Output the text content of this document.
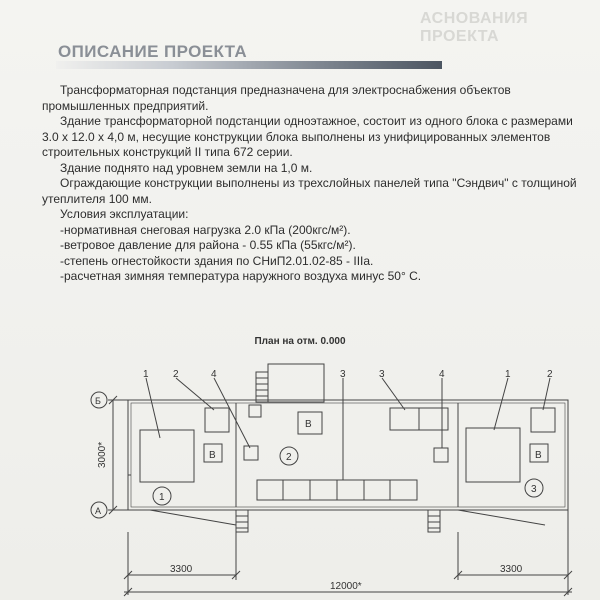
АСНОВАНИЯ ПРОЕКТА
ОПИСАНИЕ ПРОЕКТА

Трансформаторная подстанция предназначена для электроснабжения объектов промышленных предприятий.

Здание трансформаторной подстанции одноэтажное, состоит из одного блока с размерами 3.0 х 12.0 х 4,0 м, несущие конструкции блока выполнены из унифицированных элементов строительных конструкций II типа 672 серии.

Здание поднято над уровнем земли на 1,0 м.

Ограждающие конструкции выполнены из трехслойных панелей типа "Сэндвич" с толщиной утеплителя 100 мм.

Условия эксплуатации:

-нормативная снеговая нагрузка 2.0 кПа (200кгс/м²).

-ветровое давление для района - 0.55 кПа (55кгс/м²).

-степень огнестойкости здания по СНиП2.01.02-85 - IIIа.

-расчетная зимняя температура наружного воздуха минус 50° С.

План на отм. 0.000
1 2	4	3	3	4	1	2
В
В
В
1
2
3
Б
А
3000*
3300	3300
12000*
